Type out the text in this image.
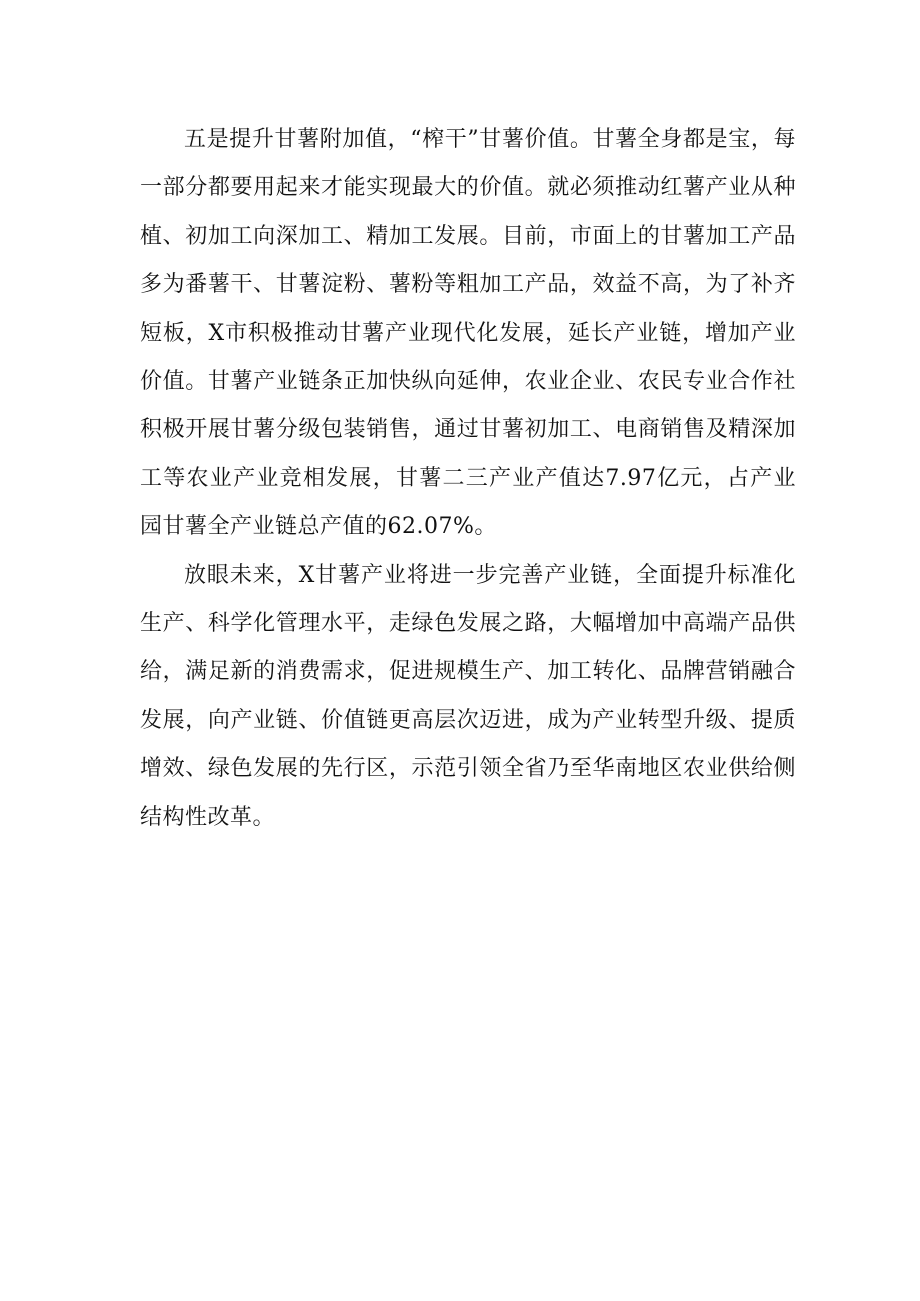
五是提升甘薯附加值，“榨干”甘薯价值。甘薯全身都是宝，每一部分都要用起来才能实现最大的价值。就必须推动红薯产业从种植、初加工向深加工、精加工发展。目前，市面上的甘薯加工产品多为番薯干、甘薯淀粉、薯粉等粗加工产品，效益不高，为了补齐短板，X市积极推动甘薯产业现代化发展，延长产业链，增加产业价值。甘薯产业链条正加快纵向延伸，农业企业、农民专业合作社积极开展甘薯分级包装销售，通过甘薯初加工、电商销售及精深加工等农业产业竞相发展，甘薯二三产业产值达7.97亿元，占产业园甘薯全产业链总产值的62.07%。

放眼未来，X甘薯产业将进一步完善产业链，全面提升标准化生产、科学化管理水平，走绿色发展之路，大幅增加中高端产品供给，满足新的消费需求，促进规模生产、加工转化、品牌营销融合发展，向产业链、价值链更高层次迈进，成为产业转型升级、提质增效、绿色发展的先行区，示范引领全省乃至华南地区农业供给侧结构性改革。
